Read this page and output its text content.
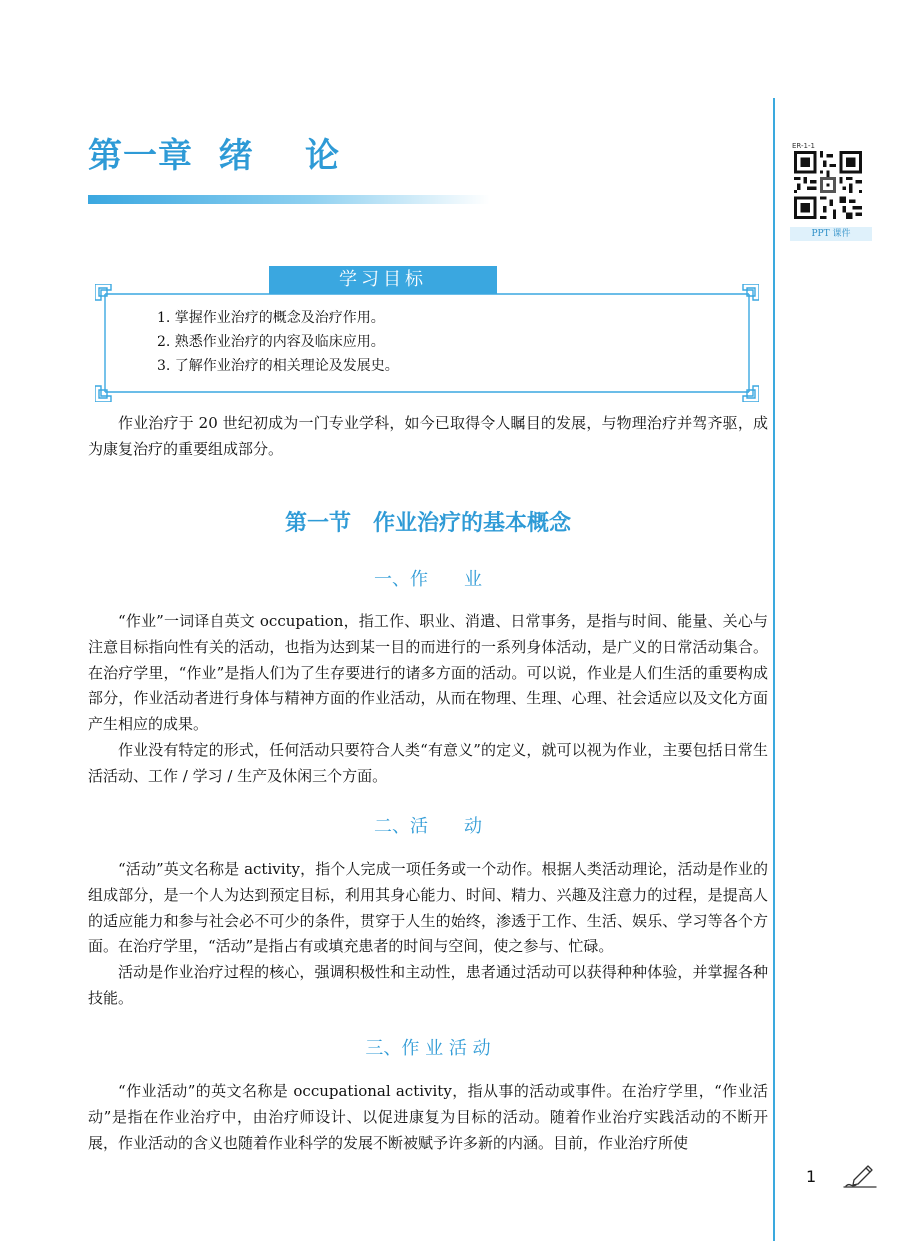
第一章  绪    论	ER-1-1
PPT 课件
学习目标
1. 掌握作业治疗的概念及治疗作用。
2. 熟悉作业治疗的内容及临床应用。
3. 了解作业治疗的相关理论及发展史。
作业治疗于 20 世纪初成为一门专业学科，如今已取得令人瞩目的发展，与物理治疗并驾齐驱，成为康复治疗的重要组成部分。
第一节　作业治疗的基本概念
一、作　　业
“作业”一词译自英文 occupation，指工作、职业、消遣、日常事务，是指与时间、能量、关心与注意目标指向性有关的活动，也指为达到某一目的而进行的一系列身体活动，是广义的日常活动集合。在治疗学里，“作业”是指人们为了生存要进行的诸多方面的活动。可以说，作业是人们生活的重要构成部分，作业活动者进行身体与精神方面的作业活动，从而在物理、生理、心理、社会适应以及文化方面产生相应的成果。
作业没有特定的形式，任何活动只要符合人类“有意义”的定义，就可以视为作业，主要包括日常生活活动、工作 / 学习 / 生产及休闲三个方面。
二、活　　动
“活动”英文名称是 activity，指个人完成一项任务或一个动作。根据人类活动理论，活动是作业的组成部分，是一个人为达到预定目标，利用其身心能力、时间、精力、兴趣及注意力的过程，是提高人的适应能力和参与社会必不可少的条件，贯穿于人生的始终，渗透于工作、生活、娱乐、学习等各个方面。在治疗学里，“活动”是指占有或填充患者的时间与空间，使之参与、忙碌。
活动是作业治疗过程的核心，强调积极性和主动性，患者通过活动可以获得种种体验，并掌握各种技能。
三、作 业 活 动
“作业活动”的英文名称是 occupational activity，指从事的活动或事件。在治疗学里，“作业活动”是指在作业治疗中，由治疗师设计、以促进康复为目标的活动。随着作业治疗实践活动的不断开展，作业活动的含义也随着作业科学的发展不断被赋予许多新的内涵。目前，作业治疗所使
1
